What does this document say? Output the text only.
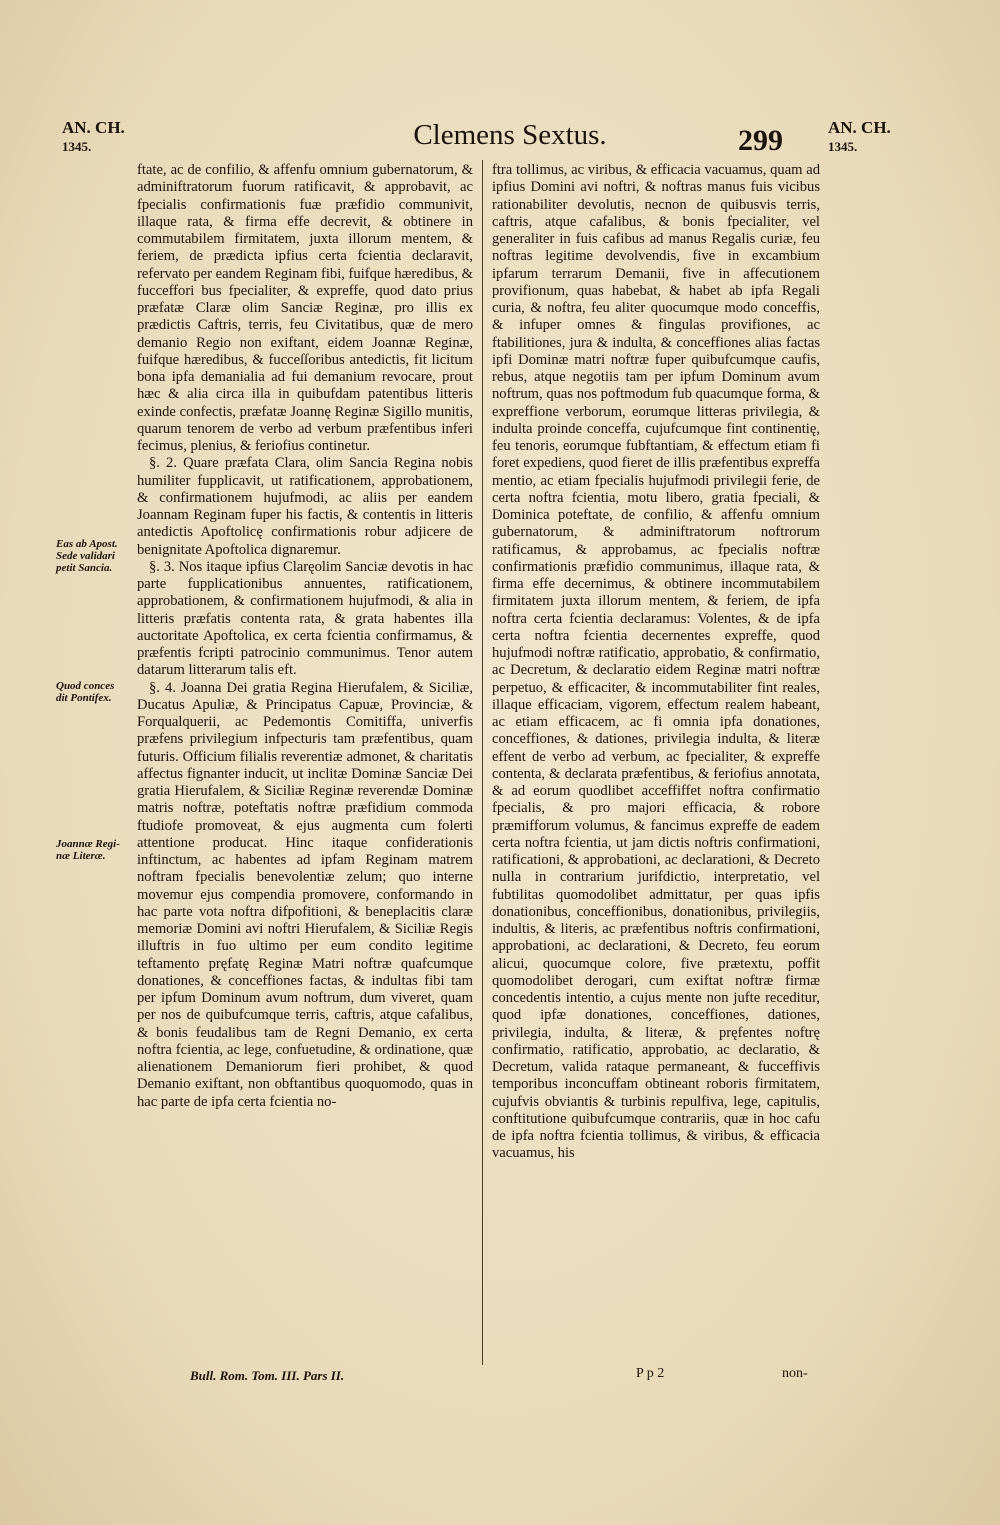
AN. CH.
1345.	Clemens Sextus.	299	AN. CH.
1345.
Eas ab Apost.
Sede validari
petit Sancia.
Quod conces
dit Pontifex.
Joannæ Regi-
næ Literæ.

ftate, ac de confilio, & affenfu omnium gubernatorum, & adminiftratorum fuorum ratificavit, & approbavit, ac fpecialis confirmationis fuæ præfidio communivit, illaque rata, & firma effe decrevit, & obtinere in commutabilem firmitatem, juxta illorum mentem, & feriem, de prædicta ipfius certa fcientia declaravit, refervato per eandem Reginam fibi, fuifque hæredibus, & fucceffori bus fpecialiter, & expreffe, quod dato prius præfatæ Claræ olim Sanciæ Reginæ, pro illis ex prædictis Caftris, terris, feu Civitatibus, quæ de mero demanio Regio non exiftant, eidem Joannæ Reginæ, fuifque hæredibus, & fucceſſoribus antedictis, fit licitum bona ipfa demanialia ad fui demanium revocare, prout hæc & alia circa illa in quibufdam patentibus litteris exinde confectis, præfatæ Joannę Reginæ Sigillo munitis, quarum tenorem de verbo ad verbum præfentibus inferi fecimus, plenius, & feriofius continetur.

§. 2. Quare præfata Clara, olim Sancia Regina nobis humiliter fupplicavit, ut ratificationem, approbationem, & confirmationem hujufmodi, ac aliis per eandem Joannam Reginam fuper his factis, & contentis in litteris antedictis Apoftolicę confirmationis robur adjicere de benignitate Apoftolica dignaremur.

§. 3. Nos itaque ipfius Claręolim Sanciæ devotis in hac parte fupplicationibus annuentes, ratificationem, approbationem, & confirmationem hujufmodi, & alia in litteris præfatis contenta rata, & grata habentes illa auctoritate Apoftolica, ex certa fcientia confirmamus, & præfentis fcripti patrocinio communimus. Tenor autem datarum litterarum talis eft.

§. 4. Joanna Dei gratia Regina Hierufalem, & Siciliæ, Ducatus Apuliæ, & Principatus Capuæ, Provinciæ, & Forqualquerii, ac Pedemontis Comitiffa, univerfis præfens privilegium infpecturis tam præfentibus, quam futuris. Officium filialis reverentiæ admonet, & charitatis affectus fignanter inducit, ut inclitæ Dominæ Sanciæ Dei gratia Hierufalem, & Siciliæ Reginæ reverendæ Dominæ matris noftræ, poteftatis noftræ præfidium commoda ftudiofe promoveat, & ejus augmenta cum folerti attentione producat. Hinc itaque confiderationis inftinctum, ac habentes ad ipfam Reginam matrem noftram fpecialis benevolentiæ zelum; quo interne movemur ejus compendia promovere, conformando in hac parte vota noftra difpofitioni, & beneplacitis claræ memoriæ Domini avi noftri Hierufalem, & Siciliæ Regis illuftris in fuo ultimo per eum condito legitime teftamento pręfatę Reginæ Matri noftræ quafcumque donationes, & conceffiones factas, & indultas fibi tam per ipfum Dominum avum noftrum, dum viveret, quam per nos de quibufcumque terris, caftris, atque cafalibus, & bonis feudalibus tam de Regni Demanio, ex certa noftra fcientia, ac lege, confuetudine, & ordinatione, quæ alienationem Demaniorum fieri prohibet, & quod Demanio exiftant, non obftantibus quoquomodo, quas in hac parte de ipfa certa fcientia no-

ftra tollimus, ac viribus, & efficacia vacuamus, quam ad ipfius Domini avi noftri, & noftras manus fuis vicibus rationabiliter devolutis, necnon de quibusvis terris, caftris, atque cafalibus, & bonis fpecialiter, vel generaliter in fuis cafibus ad manus Regalis curiæ, feu noftras legitime devolvendis, five in excambium ipfarum terrarum Demanii, five in affecutionem provifionum, quas habebat, & habet ab ipfa Regali curia, & noftra, feu aliter quocumque modo conceffis, & infuper omnes & fingulas provifiones, ac ftabilitiones, jura & indulta, & conceffiones alias factas ipfi Dominæ matri noftræ fuper quibufcumque caufis, rebus, atque negotiis tam per ipfum Dominum avum noftrum, quas nos poftmodum fub quacumque forma, & expreffione verborum, eorumque litteras privilegia, & indulta proinde conceffa, cujufcumque fint continentię, feu tenoris, eorumque fubftantiam, & effectum etiam fi foret expediens, quod fieret de illis præfentibus expreffa mentio, ac etiam fpecialis hujufmodi privilegii ferie, de certa noftra fcientia, motu libero, gratia fpeciali, & Dominica poteftate, de confilio, & affenfu omnium gubernatorum, & adminiftratorum noftrorum ratificamus, & approbamus, ac fpecialis noftræ confirmationis præfidio communimus, illaque rata, & firma effe decernimus, & obtinere incommutabilem firmitatem juxta illorum mentem, & feriem, de ipfa noftra certa fcientia declaramus: Volentes, & de ipfa certa noftra fcientia decernentes expreffe, quod hujufmodi noftræ ratificatio, approbatio, & confirmatio, ac Decretum, & declaratio eidem Reginæ matri noftræ perpetuo, & efficaciter, & incommutabiliter fint reales, illaque efficaciam, vigorem, effectum realem habeant, ac etiam efficacem, ac fi omnia ipfa donationes, conceffiones, & dationes, privilegia indulta, & literæ effent de verbo ad verbum, ac fpecialiter, & expreffe contenta, & declarata præfentibus, & feriofius annotata, & ad eorum quodlibet acceffiffet noftra confirmatio fpecialis, & pro majori efficacia, & robore præmifforum volumus, & fancimus expreffe de eadem certa noftra fcientia, ut jam dictis noftris confirmationi, ratificationi, & approbationi, ac declarationi, & Decreto nulla in contrarium jurifdictio, interpretatio, vel fubtilitas quomodolibet admittatur, per quas ipfis donationibus, conceffionibus, donationibus, privilegiis, indultis, & literis, ac præfentibus noftris confirmationi, approbationi, ac declarationi, & Decreto, feu eorum alicui, quocumque colore, five prætextu, poffit quomodolibet derogari, cum exiftat noftræ firmæ concedentis intentio, a cujus mente non jufte receditur, quod ipfæ donationes, conceffiones, dationes, privilegia, indulta, & literæ, & pręfentes noftrę confirmatio, ratificatio, approbatio, ac declaratio, & Decretum, valida rataque permaneant, & fucceffivis temporibus inconcuffam obtineant roboris firmitatem, cujufvis obviantis & turbinis repulfiva, lege, capitulis, conftitutione quibufcumque contrariis, quæ in hoc cafu de ipfa noftra fcientia tollimus, & viribus, & efficacia vacuamus, his

Bull. Rom. Tom. III. Pars II.	P p 2	non-
